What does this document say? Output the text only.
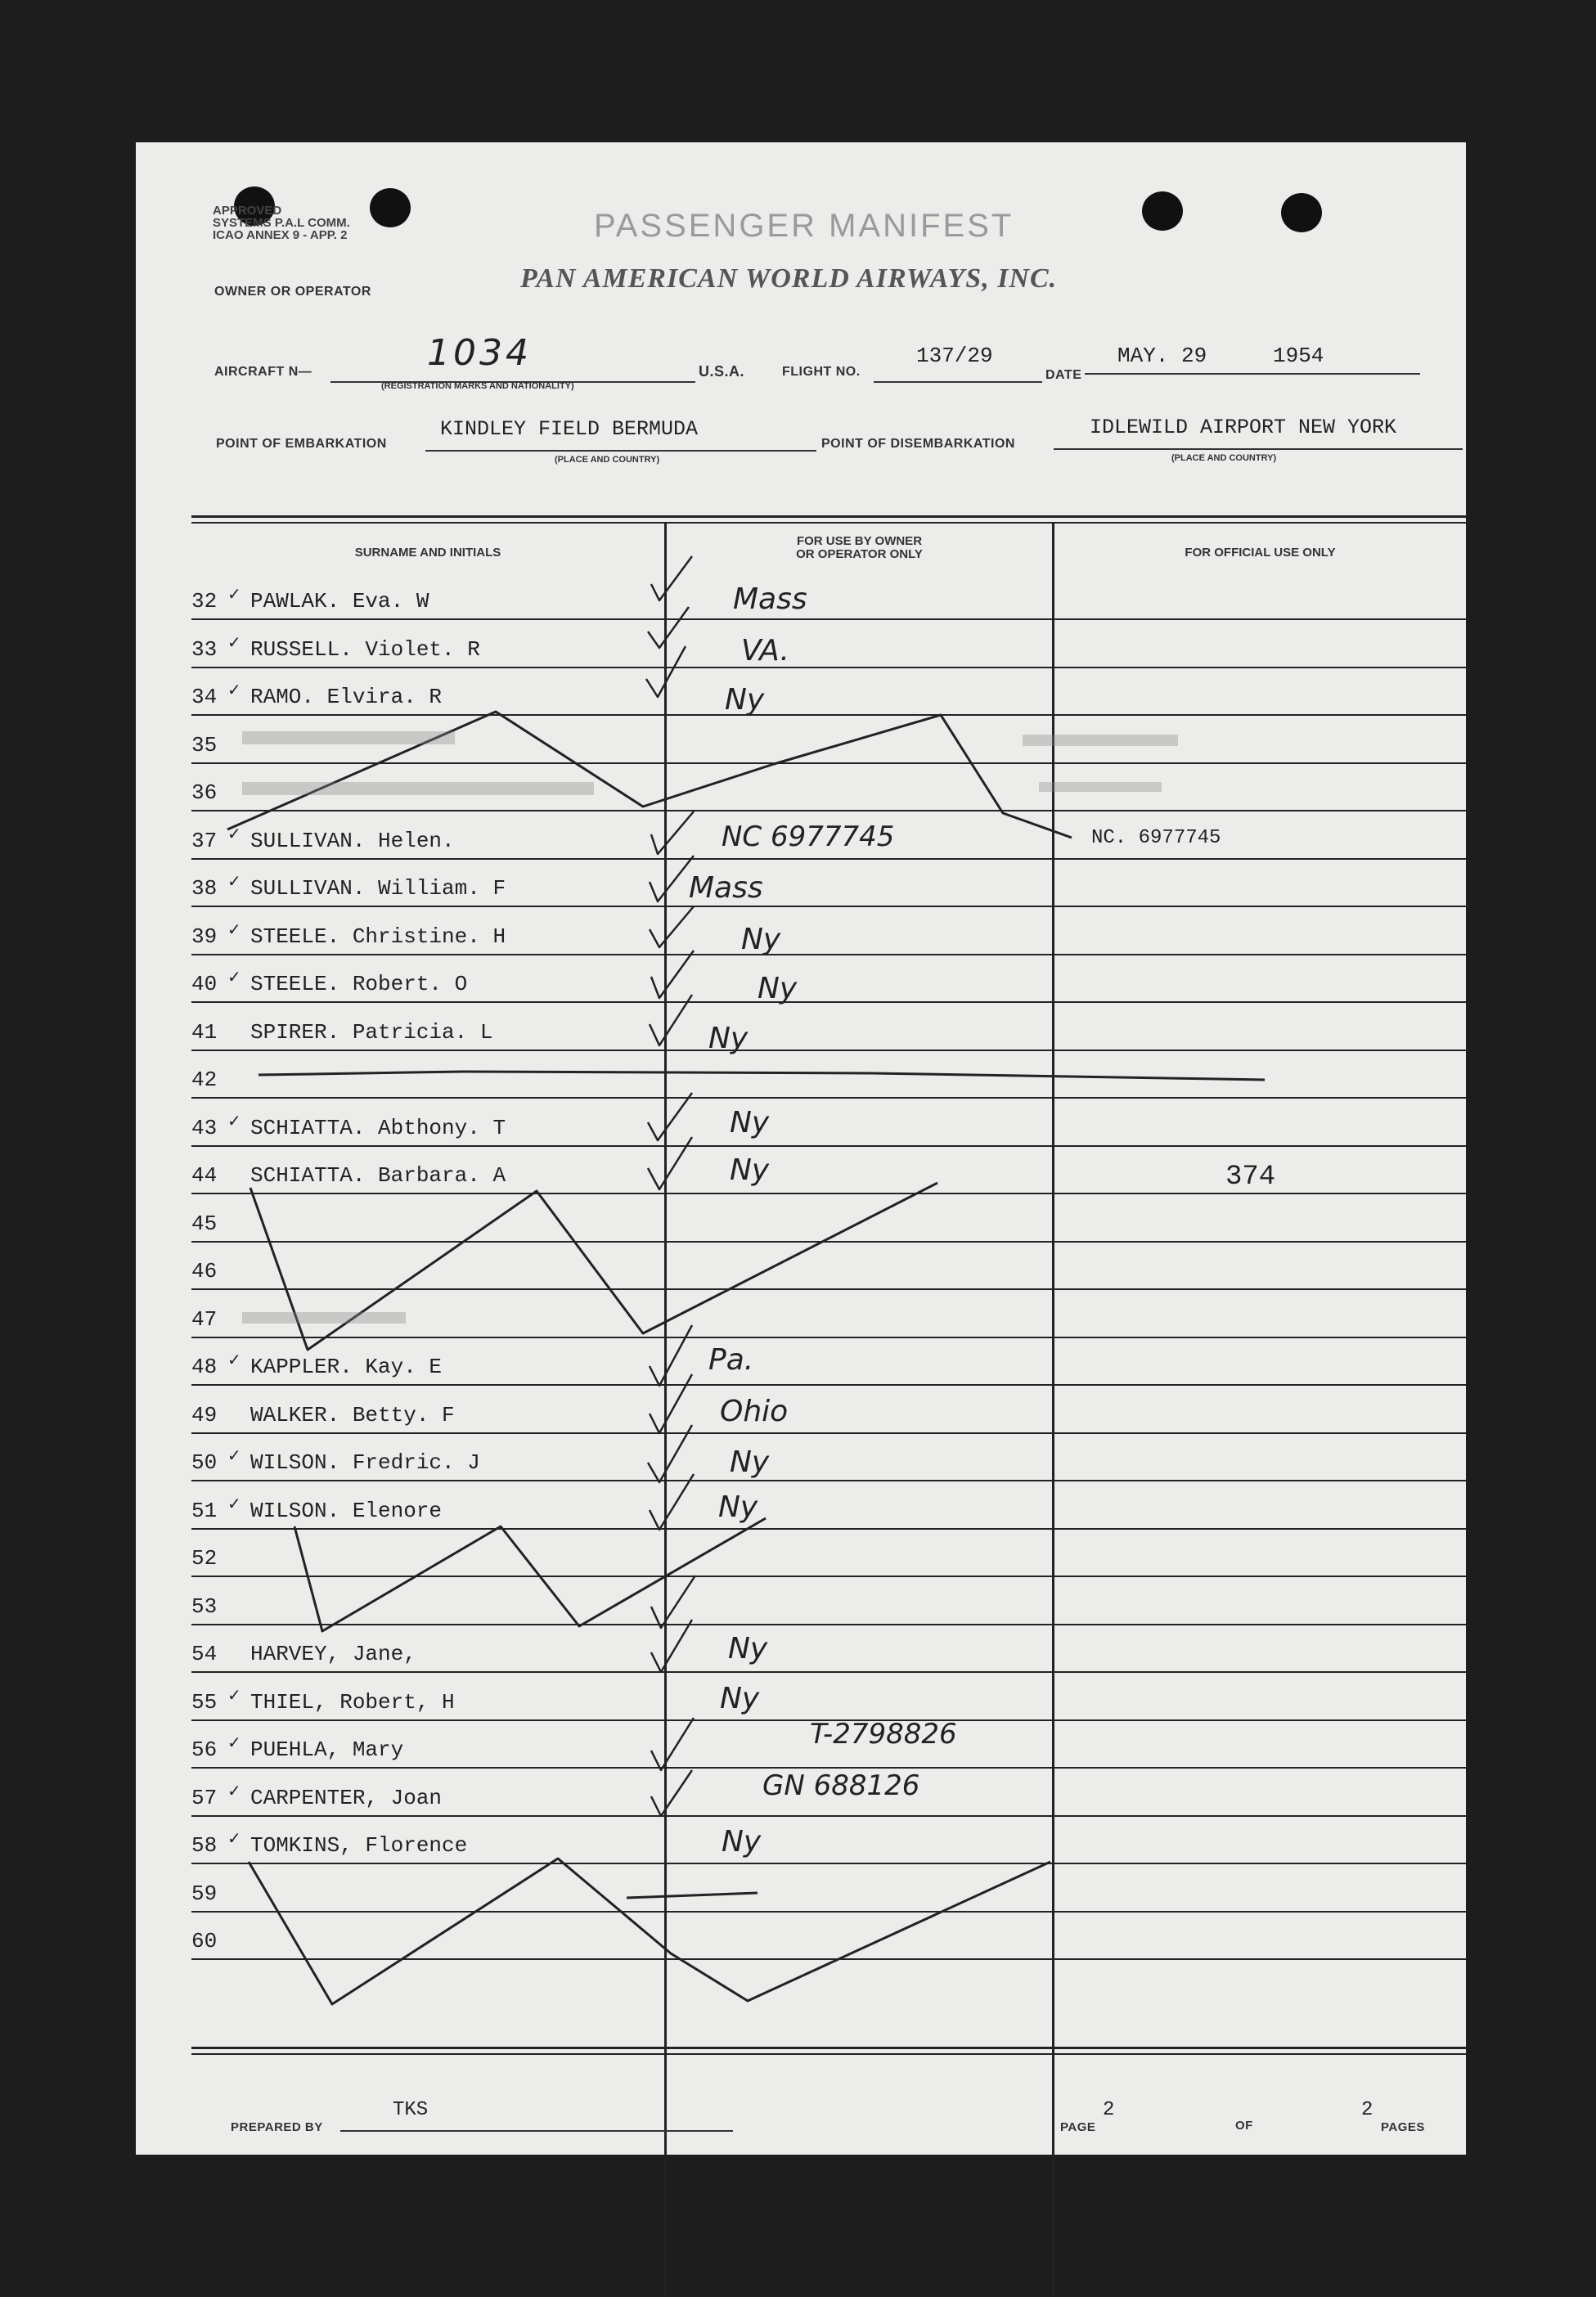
APPROVED
SYSTEMS P.A.L COMM.
ICAO ANNEX 9 - APP. 2	PASSENGER MANIFEST
OWNER OR OPERATOR	PAN AMERICAN WORLD AIRWAYS, INC.
AIRCRAFT N—	1034
(REGISTRATION MARKS AND NATIONALITY)
U.S.A.	FLIGHT NO.
137/29
DATE
MAY. 29	1954
POINT OF EMBARKATION
KINDLEY FIELD BERMUDA
(PLACE AND COUNTRY)
POINT OF DISEMBARKATION
IDLEWILD AIRPORT NEW YORK
(PLACE AND COUNTRY)
SURNAME AND INITIALS
FOR USE BY OWNER
OR OPERATOR ONLY	FOR OFFICIAL USE ONLY
32 ✓ PAWLAK. Eva. W	Mass
33 ✓ RUSSELL. Violet. R	VA.
34 ✓ RAMO. Elvira. R	Ny
35
36
37 ✓ SULLIVAN. Helen.	NC 6977745	NC. 6977745
38 ✓ SULLIVAN. William. F	Mass
39 ✓ STEELE. Christine. H	Ny
40 ✓ STEELE. Robert. O	Ny
41 SPIRER. Patricia. L	Ny
42
43 ✓ SCHIATTA. Abthony. T	Ny
44 SCHIATTA. Barbara. A	Ny	374
45
46
47
48 ✓ KAPPLER. Kay. E	Pa.
49 WALKER. Betty. F	Ohio
50 ✓ WILSON. Fredric. J	Ny
51 ✓ WILSON. Elenore	Ny
52
53
54 HARVEY, Jane,	Ny
55 ✓ THIEL, Robert, H	Ny
56 ✓ PUEHLA, Mary	T-2798826
57 ✓ CARPENTER, Joan	GN 688126
58 ✓ TOMKINS, Florence	Ny
59
60
PREPARED BY
TKS
PAGE
2
OF
2
PAGES
